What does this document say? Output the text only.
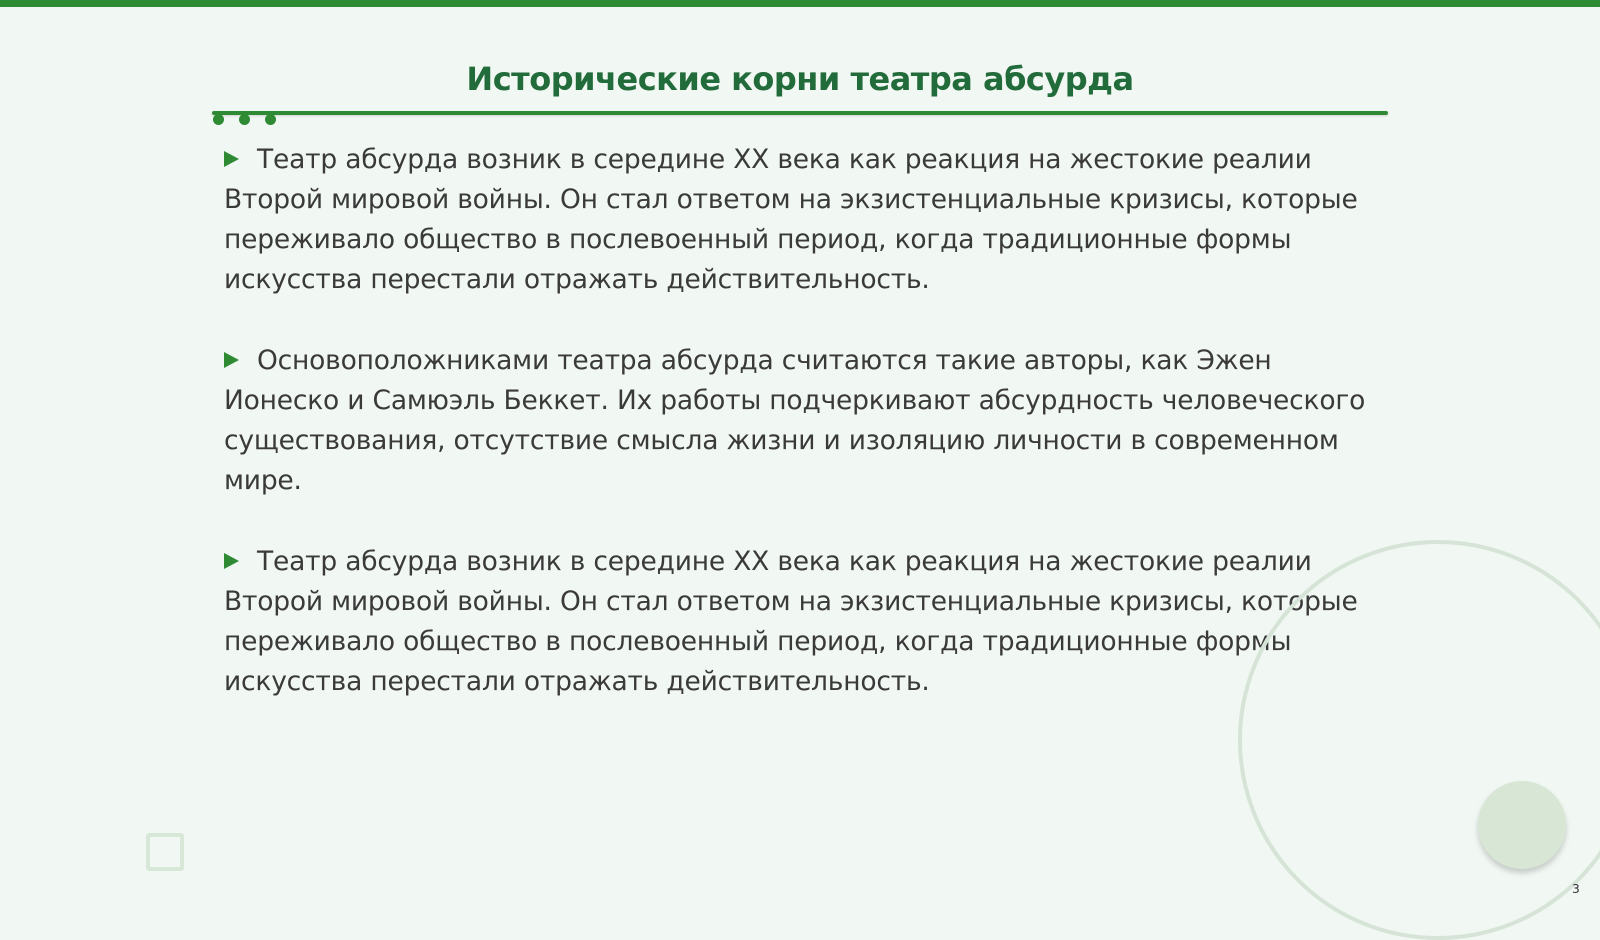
Исторические корни театра абсурда

Театр абсурда возник в середине XX века как реакция на жестокие реалии Второй мировой войны. Он стал ответом на экзистенциальные кризисы, которые переживало общество в послевоенный период, когда традиционные формы искусства перестали отражать действительность.

Основоположниками театра абсурда считаются такие авторы, как Эжен Ионеско и Самюэль Беккет. Их работы подчеркивают абсурдность человеческого существования, отсутствие смысла жизни и изоляцию личности в современном мире.

Театр абсурда возник в середине XX века как реакция на жестокие реалии Второй мировой войны. Он стал ответом на экзистенциальные кризисы, которые переживало общество в послевоенный период, когда традиционные формы искусства перестали отражать действительность.

3
